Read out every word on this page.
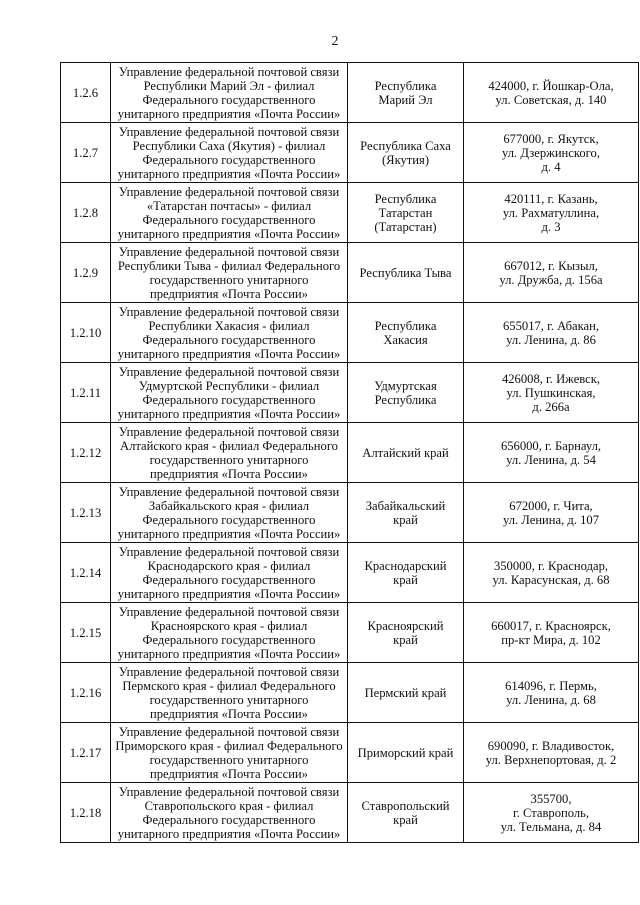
2
1.2.6	Управление федеральной почтовой связи
Республики Марий Эл - филиал
Федерального государственного
унитарного предприятия «Почта России»	Республика
Марий Эл	424000, г. Йошкар-Ола,
ул. Советская, д. 140

1.2.7	Управление федеральной почтовой связи
Республики Саха (Якутия) - филиал
Федерального государственного
унитарного предприятия «Почта России»	Республика Саха
(Якутия)	677000, г. Якутск,
ул. Дзержинского,
д. 4

1.2.8	Управление федеральной почтовой связи
«Татарстан почтасы» - филиал
Федерального государственного
унитарного предприятия «Почта России»	Республика
Татарстан
(Татарстан)	420111, г. Казань,
ул. Рахматуллина,
д. 3

1.2.9	Управление федеральной почтовой связи
Республики Тыва - филиал Федерального
государственного унитарного
предприятия «Почта России»	Республика Тыва	667012, г. Кызыл,
ул. Дружба, д. 156а

1.2.10	Управление федеральной почтовой связи
Республики Хакасия - филиал
Федерального государственного
унитарного предприятия «Почта России»	Республика
Хакасия	655017, г. Абакан,
ул. Ленина, д. 86

1.2.11	Управление федеральной почтовой связи
Удмуртской Республики - филиал
Федерального государственного
унитарного предприятия «Почта России»	Удмуртская
Республика	426008, г. Ижевск,
ул. Пушкинская,
д. 266а

1.2.12	Управление федеральной почтовой связи
Алтайского края - филиал Федерального
государственного унитарного
предприятия «Почта России»	Алтайский край	656000, г. Барнаул,
ул. Ленина, д. 54

1.2.13	Управление федеральной почтовой связи
Забайкальского края - филиал
Федерального государственного
унитарного предприятия «Почта России»	Забайкальский
край	672000, г. Чита,
ул. Ленина, д. 107

1.2.14	Управление федеральной почтовой связи
Краснодарского края - филиал
Федерального государственного
унитарного предприятия «Почта России»	Краснодарский
край	350000, г. Краснодар,
ул. Карасунская, д. 68

1.2.15	Управление федеральной почтовой связи
Красноярского края - филиал
Федерального государственного
унитарного предприятия «Почта России»	Красноярский
край	660017, г. Красноярск,
пр-кт Мира, д. 102

1.2.16	Управление федеральной почтовой связи
Пермского края - филиал Федерального
государственного унитарного
предприятия «Почта России»	Пермский край	614096, г. Пермь,
ул. Ленина, д. 68

1.2.17	Управление федеральной почтовой связи
Приморского края - филиал Федерального
государственного унитарного
предприятия «Почта России»	Приморский край	690090, г. Владивосток,
ул. Верхнепортовая, д. 2

1.2.18	Управление федеральной почтовой связи
Ставропольского края - филиал
Федерального государственного
унитарного предприятия «Почта России»	Ставропольский
край	355700,
г. Ставрополь,
ул. Тельмана, д. 84
